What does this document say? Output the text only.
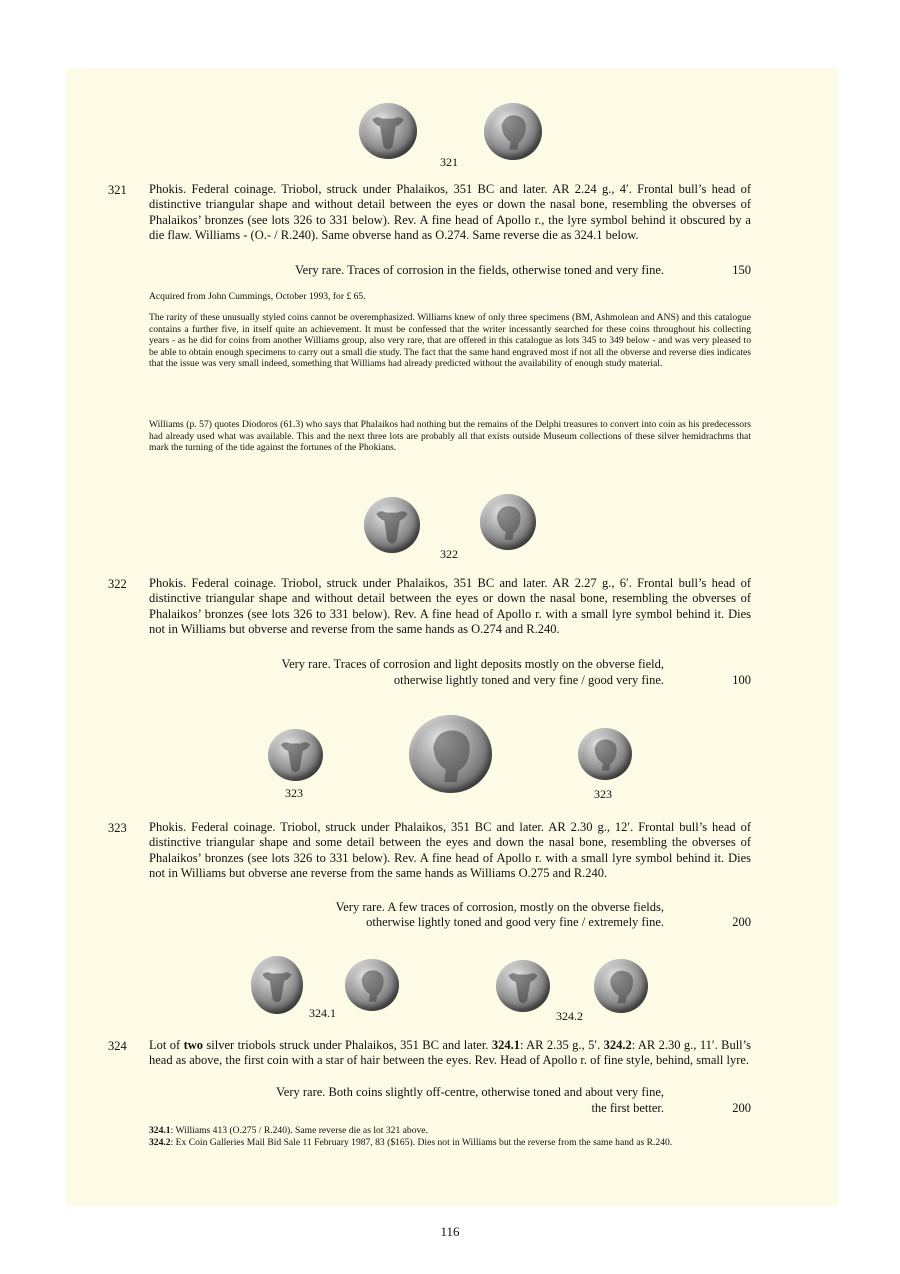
321
321 Phokis. Federal coinage. Triobol, struck under Phalaikos, 351 BC and later. AR 2.24 g., 4′. Frontal bull’s head of distinctive triangular shape and without detail between the eyes or down the nasal bone, resembling the obverses of Phalaikos’ bronzes (see lots 326 to 331 below). Rev. A fine head of Apollo r., the lyre symbol behind it obscured by a die flaw. Williams - (O.- / R.240). Same obverse hand as O.274. Same reverse die as 324.1 below.
Very rare. Traces of corrosion in the fields, otherwise toned and very fine.	150
Acquired from John Cummings, October 1993, for £ 65.
The rarity of these unusually styled coins cannot be overemphasized. Williams knew of only three specimens (BM, Ashmolean and ANS) and this catalogue contains a further five, in itself quite an achievement. It must be confessed that the writer incessantly searched for these coins throughout his collecting years - as he did for coins from another Williams group, also very rare, that are offered in this catalogue as lots 345 to 349 below - and was very pleased to be able to obtain enough specimens to carry out a small die study. The fact that the same hand engraved most if not all the obverse and reverse dies indicates that the issue was very small indeed, something that Williams had already predicted without the availability of enough study material.
Williams (p. 57) quotes Diodoros (61.3) who says that Phalaikos had nothing but the remains of the Delphi treasures to convert into coin as his predecessors had already used what was available. This and the next three lots are probably all that exists outside Museum collections of these silver hemidrachms that mark the turning of the tide against the fortunes of the Phokians.
322
322 Phokis. Federal coinage. Triobol, struck under Phalaikos, 351 BC and later. AR 2.27 g., 6′. Frontal bull’s head of distinctive triangular shape and without detail between the eyes or down the nasal bone, resembling the obverses of Phalaikos’ bronzes (see lots 326 to 331 below). Rev. A fine head of Apollo r. with a small lyre symbol behind it. Dies not in Williams but obverse and reverse from the same hands as O.274 and R.240.
Very rare. Traces of corrosion and light deposits mostly on the obverse field,
otherwise lightly toned and very fine / good very fine.	100
323	323
323 Phokis. Federal coinage. Triobol, struck under Phalaikos, 351 BC and later. AR 2.30 g., 12′. Frontal bull’s head of distinctive triangular shape and some detail between the eyes and down the nasal bone, resembling the obverses of Phalaikos’ bronzes (see lots 326 to 331 below). Rev. A fine head of Apollo r. with a small lyre symbol behind it. Dies not in Williams but obverse ane reverse from the same hands as Williams O.275 and R.240.
Very rare. A few traces of corrosion, mostly on the obverse fields,
otherwise lightly toned and good very fine / extremely fine.	200
324.1	324.2
324 Lot of two silver triobols struck under Phalaikos, 351 BC and later. 324.1: AR 2.35 g., 5′. 324.2: AR 2.30 g., 11′. Bull’s head as above, the first coin with a star of hair between the eyes. Rev. Head of Apollo r. of fine style, behind, small lyre.
Very rare. Both coins slightly off-centre, otherwise toned and about very fine,
the first better.	200
324.1: Williams 413 (O.275 / R.240). Same reverse die as lot 321 above.
324.2: Ex Coin Galleries Mail Bid Sale 11 February 1987, 83 ($165). Dies not in Williams but the reverse from the same hand as R.240.
116
